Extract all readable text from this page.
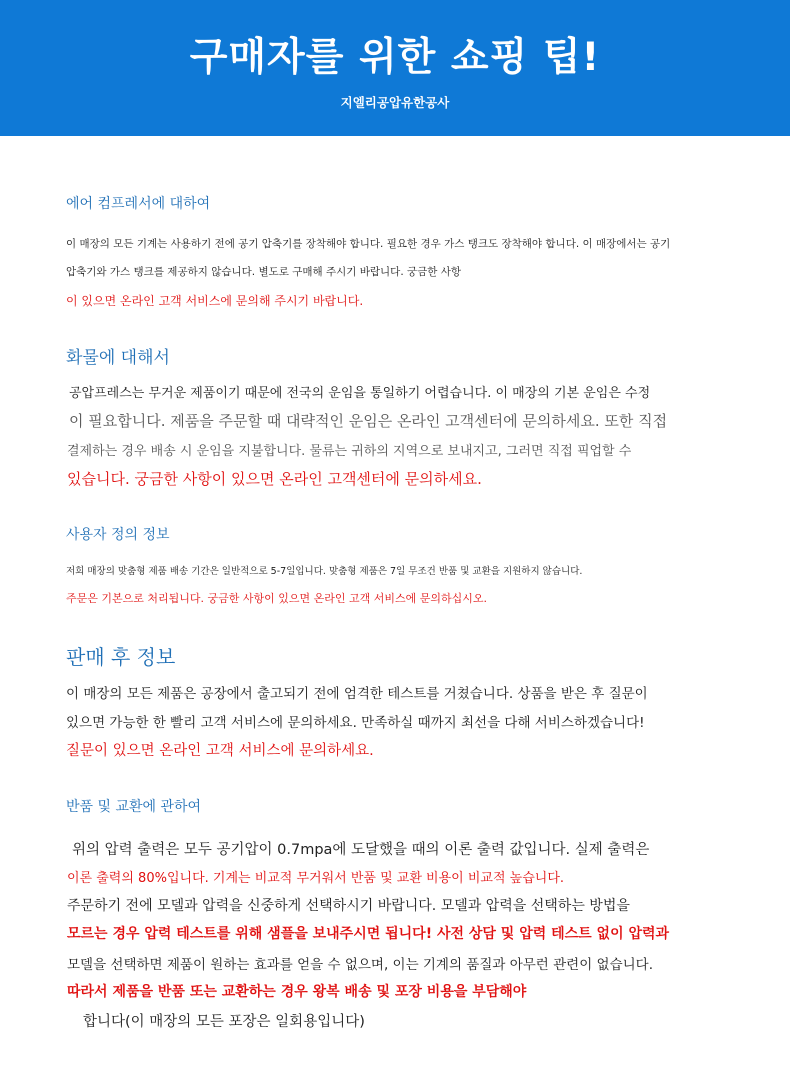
구매자를 위한 쇼핑 팁!
지엘리공압유한공사
에어 컴프레서에 대하여
이 매장의 모든 기계는 사용하기 전에 공기 압축기를 장착해야 합니다. 필요한 경우 가스 탱크도 장착해야 합니다. 이 매장에서는 공기
압축기와 가스 탱크를 제공하지 않습니다. 별도로 구매해 주시기 바랍니다. 궁금한 사항
이 있으면 온라인 고객 서비스에 문의해 주시기 바랍니다.
화물에 대해서
공압프레스는 무거운 제품이기 때문에 전국의 운임을 통일하기 어렵습니다. 이 매장의 기본 운임은 수정
이 필요합니다. 제품을 주문할 때 대략적인 운임은 온라인 고객센터에 문의하세요. 또한 직접
결제하는 경우 배송 시 운임을 지불합니다. 물류는 귀하의 지역으로 보내지고, 그러면 직접 픽업할 수
있습니다. 궁금한 사항이 있으면 온라인 고객센터에 문의하세요.
사용자 정의 정보
저희 매장의 맞춤형 제품 배송 기간은 일반적으로 5-7일입니다. 맞춤형 제품은 7일 무조건 반품 및 교환을 지원하지 않습니다.
주문은 기본으로 처리됩니다. 궁금한 사항이 있으면 온라인 고객 서비스에 문의하십시오.
판매 후 정보
이 매장의 모든 제품은 공장에서 출고되기 전에 엄격한 테스트를 거쳤습니다. 상품을 받은 후 질문이
있으면 가능한 한 빨리 고객 서비스에 문의하세요. 만족하실 때까지 최선을 다해 서비스하겠습니다!
질문이 있으면 온라인 고객 서비스에 문의하세요.
반품 및 교환에 관하여
위의 압력 출력은 모두 공기압이 0.7mpa에 도달했을 때의 이론 출력 값입니다. 실제 출력은
이론 출력의 80%입니다. 기계는 비교적 무거워서 반품 및 교환 비용이 비교적 높습니다.
주문하기 전에 모델과 압력을 신중하게 선택하시기 바랍니다. 모델과 압력을 선택하는 방법을
모르는 경우 압력 테스트를 위해 샘플을 보내주시면 됩니다! 사전 상담 및 압력 테스트 없이 압력과
모델을 선택하면 제품이 원하는 효과를 얻을 수 없으며, 이는 기계의 품질과 아무런 관련이 없습니다.
따라서 제품을 반품 또는 교환하는 경우 왕복 배송 및 포장 비용을 부담해야
합니다(이 매장의 모든 포장은 일회용입니다)
